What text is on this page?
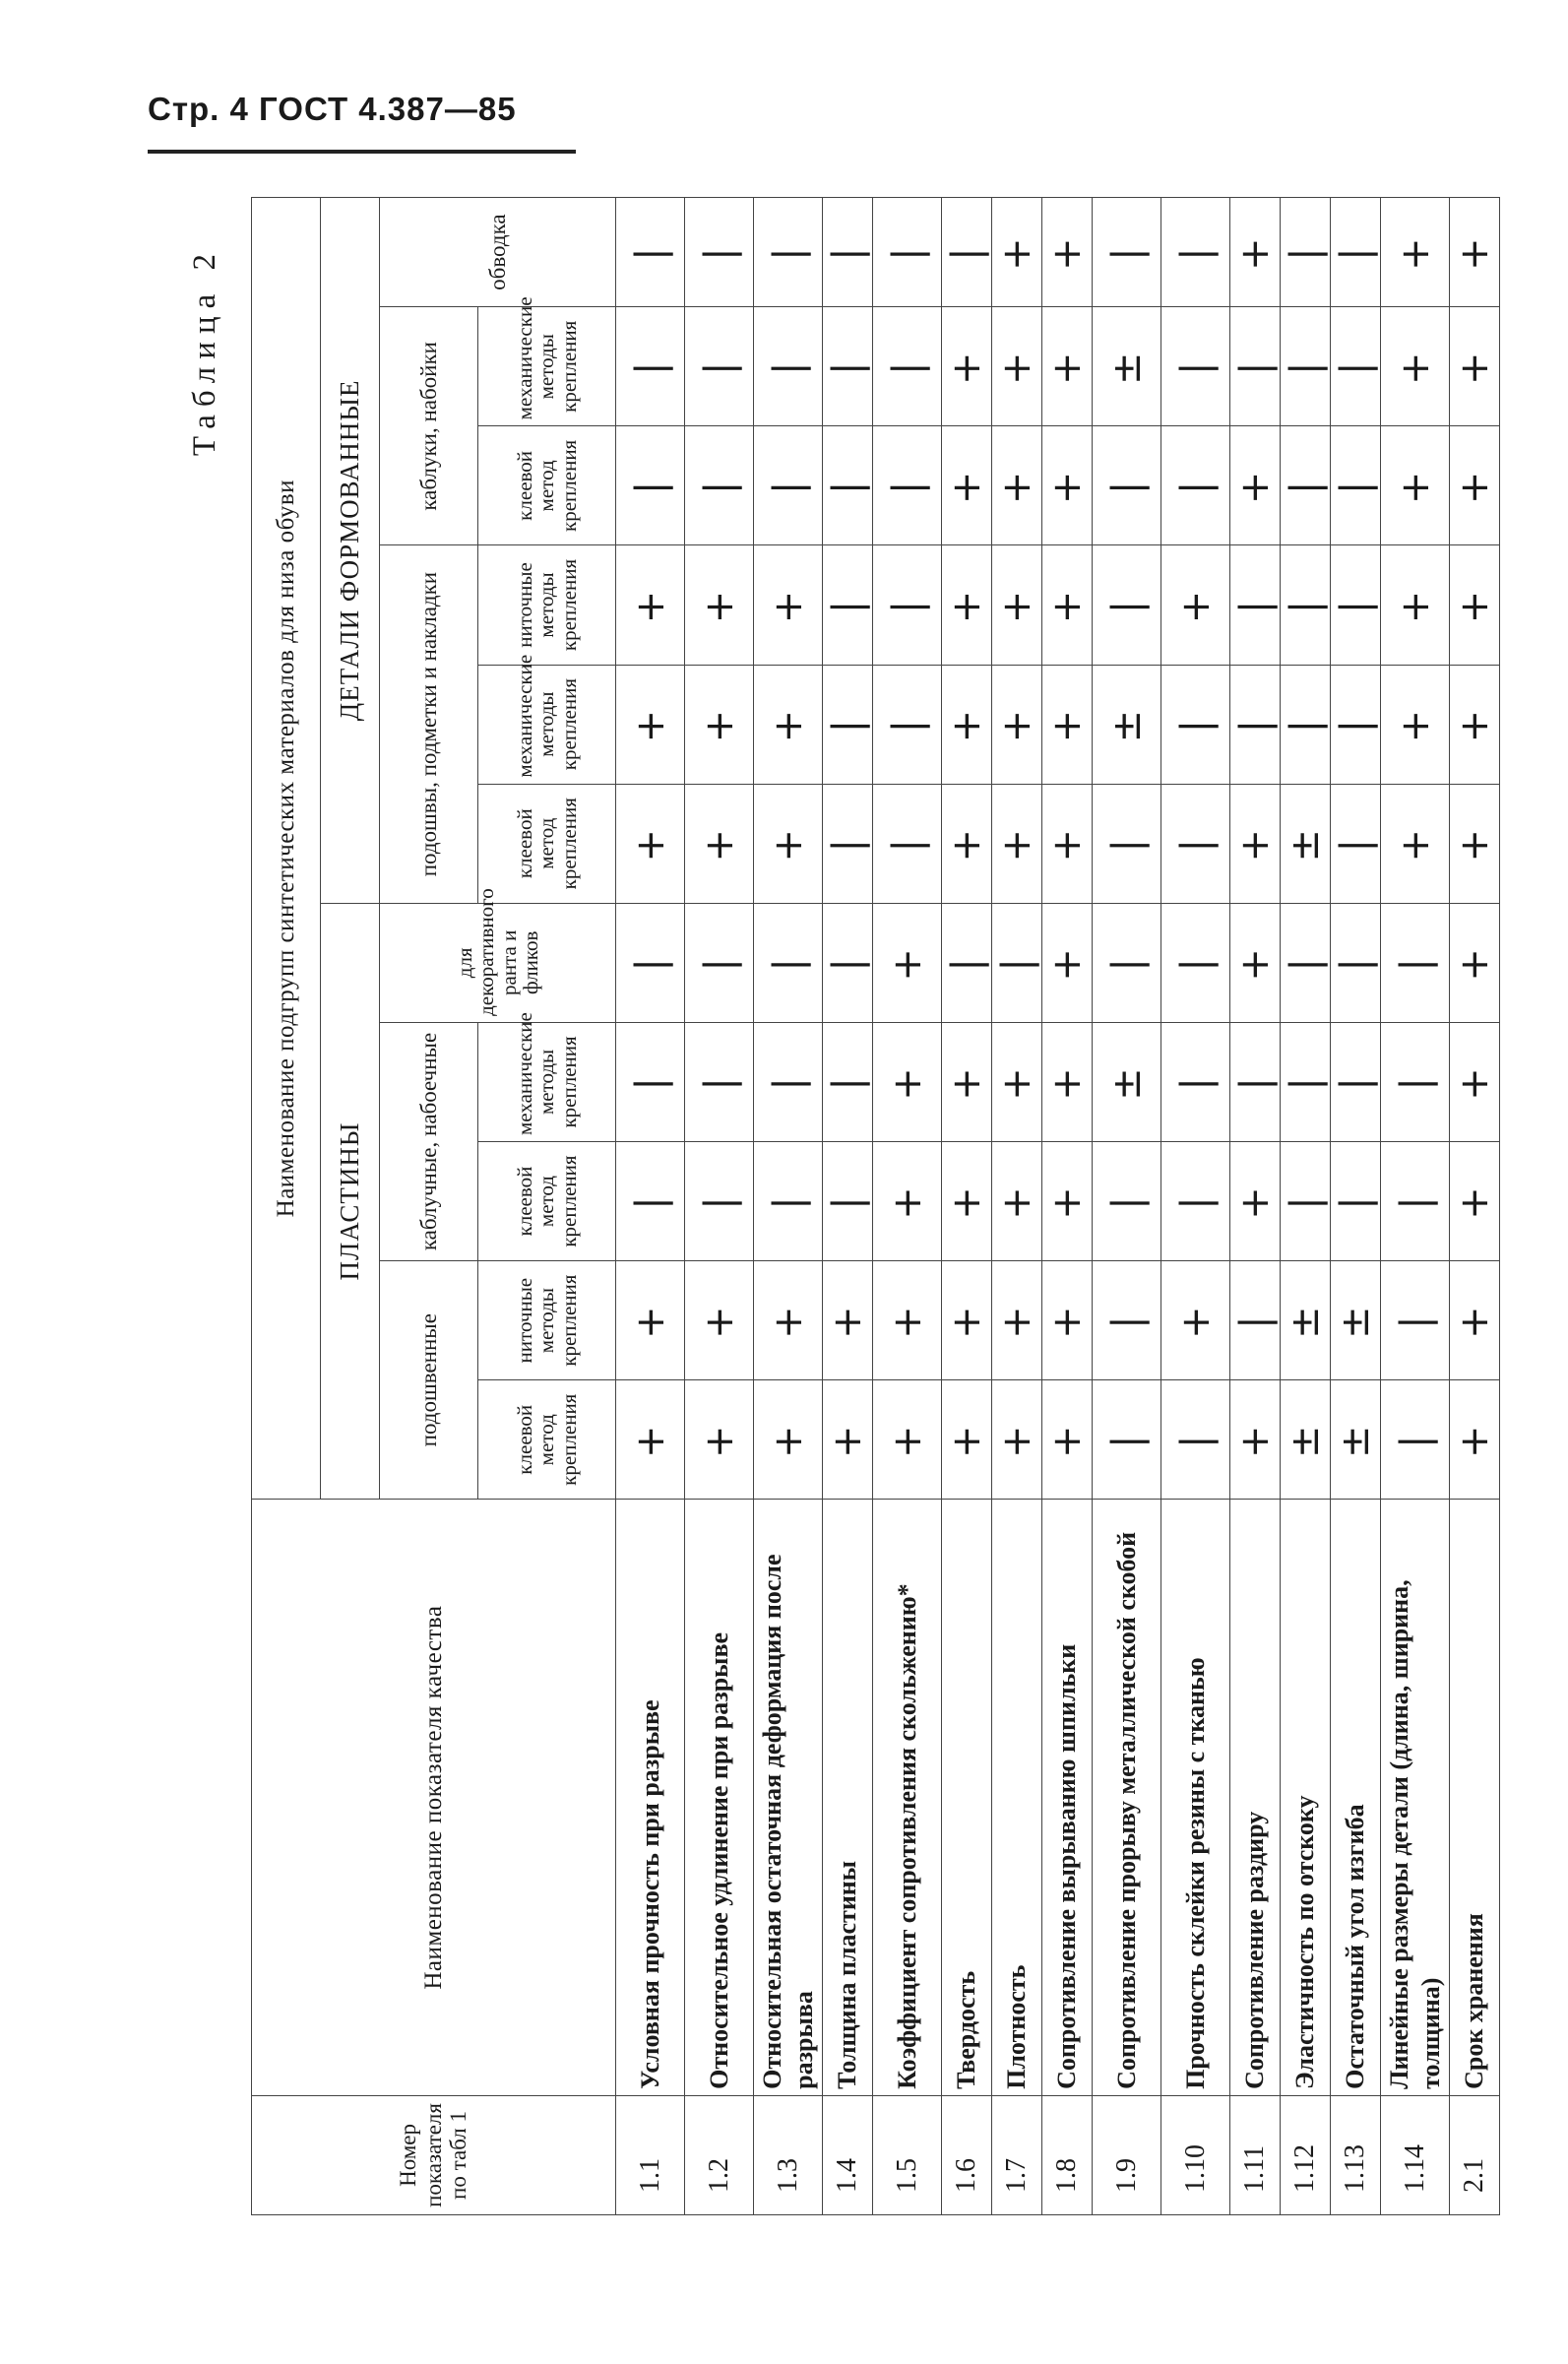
Стр. 4 ГОСТ 4.387—85
Таблица 2
Номер показателя по табл 1	Наименование показателя качества	Наименование подгрупп синтетических материалов для низа обуви										
		ПЛАСТИНЫ					ДЕТАЛИ ФОРМОВАННЫЕ					
		подошвенные		каблучные, набоечные		для декоративного ранта и фликов	подошвы, подметки и накладки			каблуки, набойки		обводка
		клеевой метод крепления	ниточные методы крепления	клеевой метод крепления	механические методы крепления		клеевой метод крепления	механические методы крепления	ниточные методы крепления	клеевой метод крепления	механические методы крепления	
1.1	Условная прочность при разрыве	+	+	|	|	|	+	+	+	|	|	|
1.2	Относительное удлинение при разрыве	+	+	|	|	|	+	+	+	|	|	|
1.3	Относительная остаточная деформация после разрыва	+	+	|	|	|	+	+	+	|	|	|
1.4	Толщина пластины	+	+	|	|	|	|	|	|	|	|	|
1.5	Коэффициент сопротивления скольжению*	+	+	+	+	+	|	|	|	|	|	|
1.6	Твердость	+	+	+	+	|	+	+	+	+	+	|
1.7	Плотность	+	+	+	+	|	+	+	+	+	+	+
1.8	Сопротивление вырыванию шпильки	+	+	+	+	+	+	+	+	+	+	+
1.9	Сопротивление прорыву металлической скобой	|	|	|	±	|	|	±	|	|	±	|
1.10	Прочность склейки резины с тканью	|	+	|	|	|	|	|	+	|	|	|
1.11	Сопротивление раздиру	+	|	+	|	+	+	|	|	+	|	+
1.12	Эластичность по отскоку	±	±	|	|	|	±	|	|	|	|	|
1.13	Остаточный угол изгиба	±	±	|	|	|	|	|	|	|	|	|
1.14	Линейные размеры детали (длина, ширина, толщина)	|	|	|	|	|	+	+	+	+	+	+
2.1	Срок хранения	+	+	+	+	+	+	+	+	+	+	+
